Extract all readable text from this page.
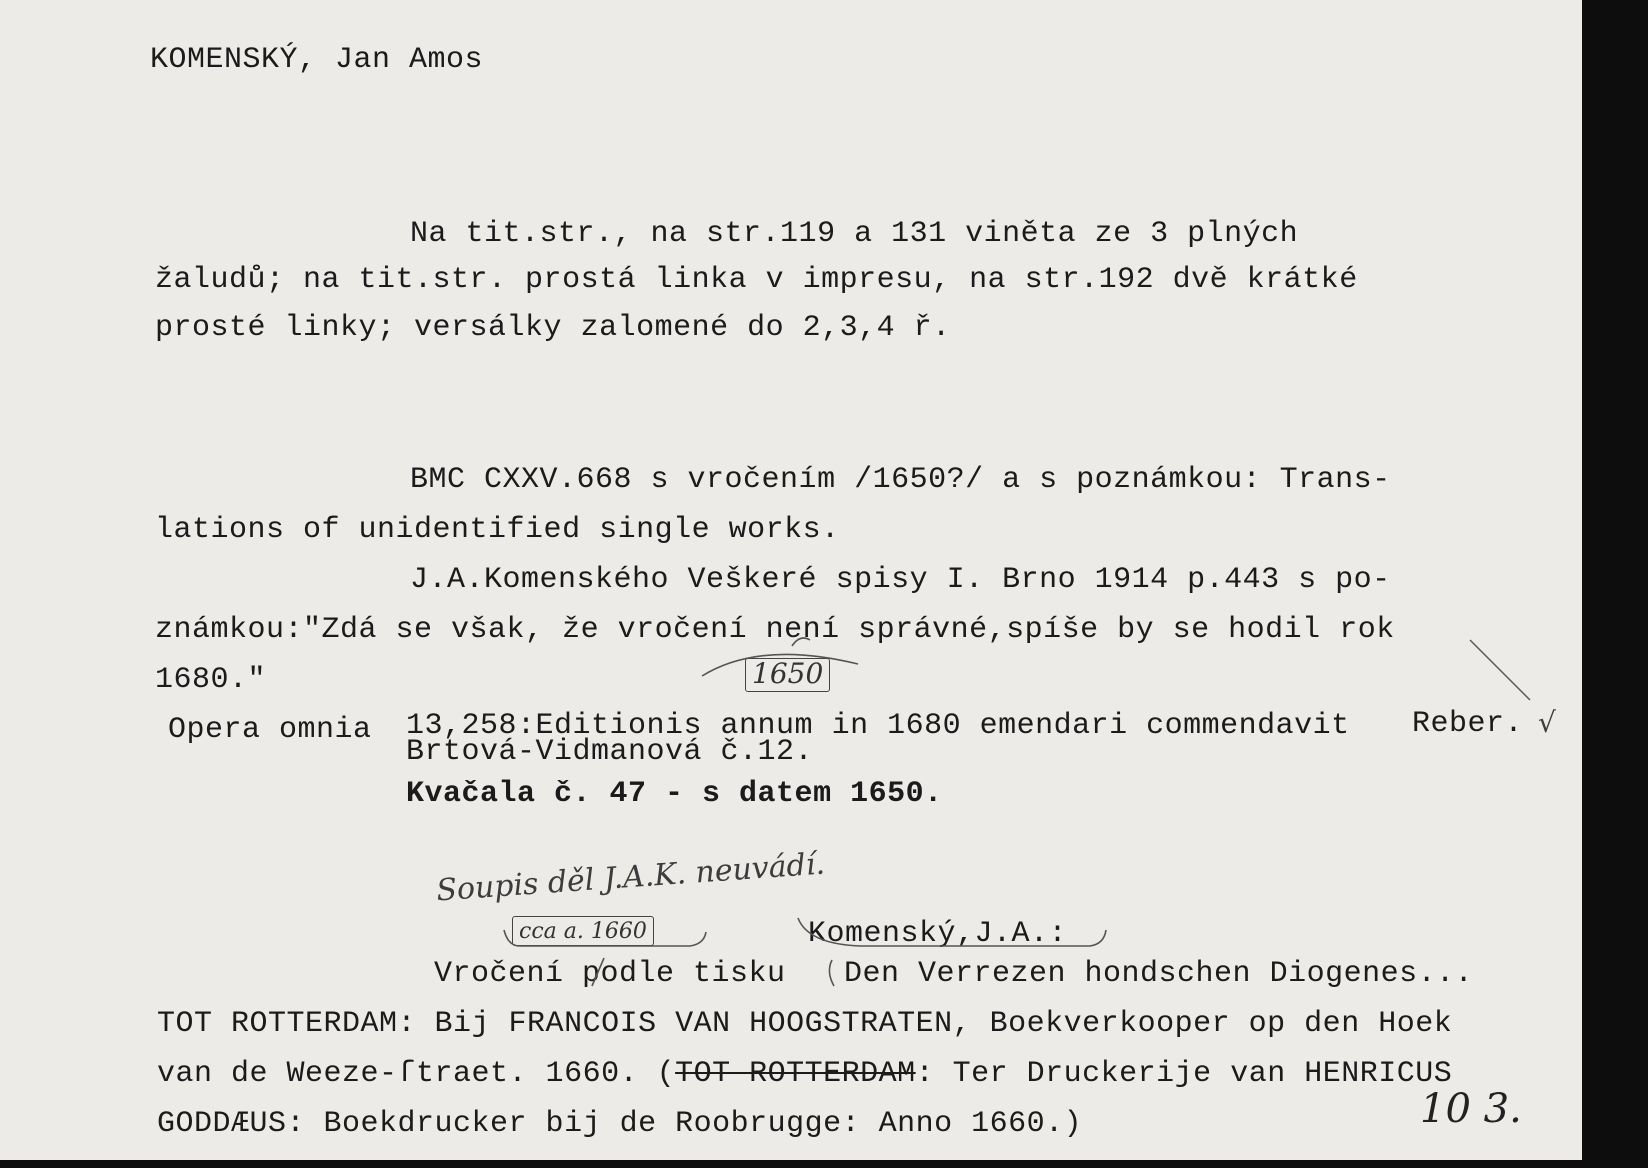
KOMENSKÝ, Jan Amos
Na tit.str., na str.119 a 131 viněta ze 3 plných
žaludů; na tit.str. prostá linka v impresu, na str.192 dvě krátké
prosté linky; versálky zalomené do 2,3,4 ř.
BMC CXXV.668 s vročením /1650?/ a s poznámkou: Trans-
lations of unidentified single works.
J.A.Komenského Veškeré spisy I. Brno 1914 p.443 s po-
známkou:"Zdá se však, že vročení není správné,spíše by se hodil rok
1680."	1650
Opera omnia 13,258:Editionis annum in 1680 emendari commendavit Reber. √
Brtová-Vidmanová č.12.
Kvačala č. 47 - s datem 1650.
Soupis děl J.A.K. neuvádí.
cca a. 1660	Komenský,J.A.:
Vročení podle tisku Den Verrezen hondschen Diogenes...
TOT ROTTERDAM: Bij FRANCOIS VAN HOOGSTRATEN, Boekverkooper op den Hoek
van de Weeze-ſtraet. 1660. (TOT ROTTERDAM: Ter Druckerije van HENRICUS
GODDÆUS: Boekdrucker bij de Roobrugge: Anno 1660.)	10 3.
